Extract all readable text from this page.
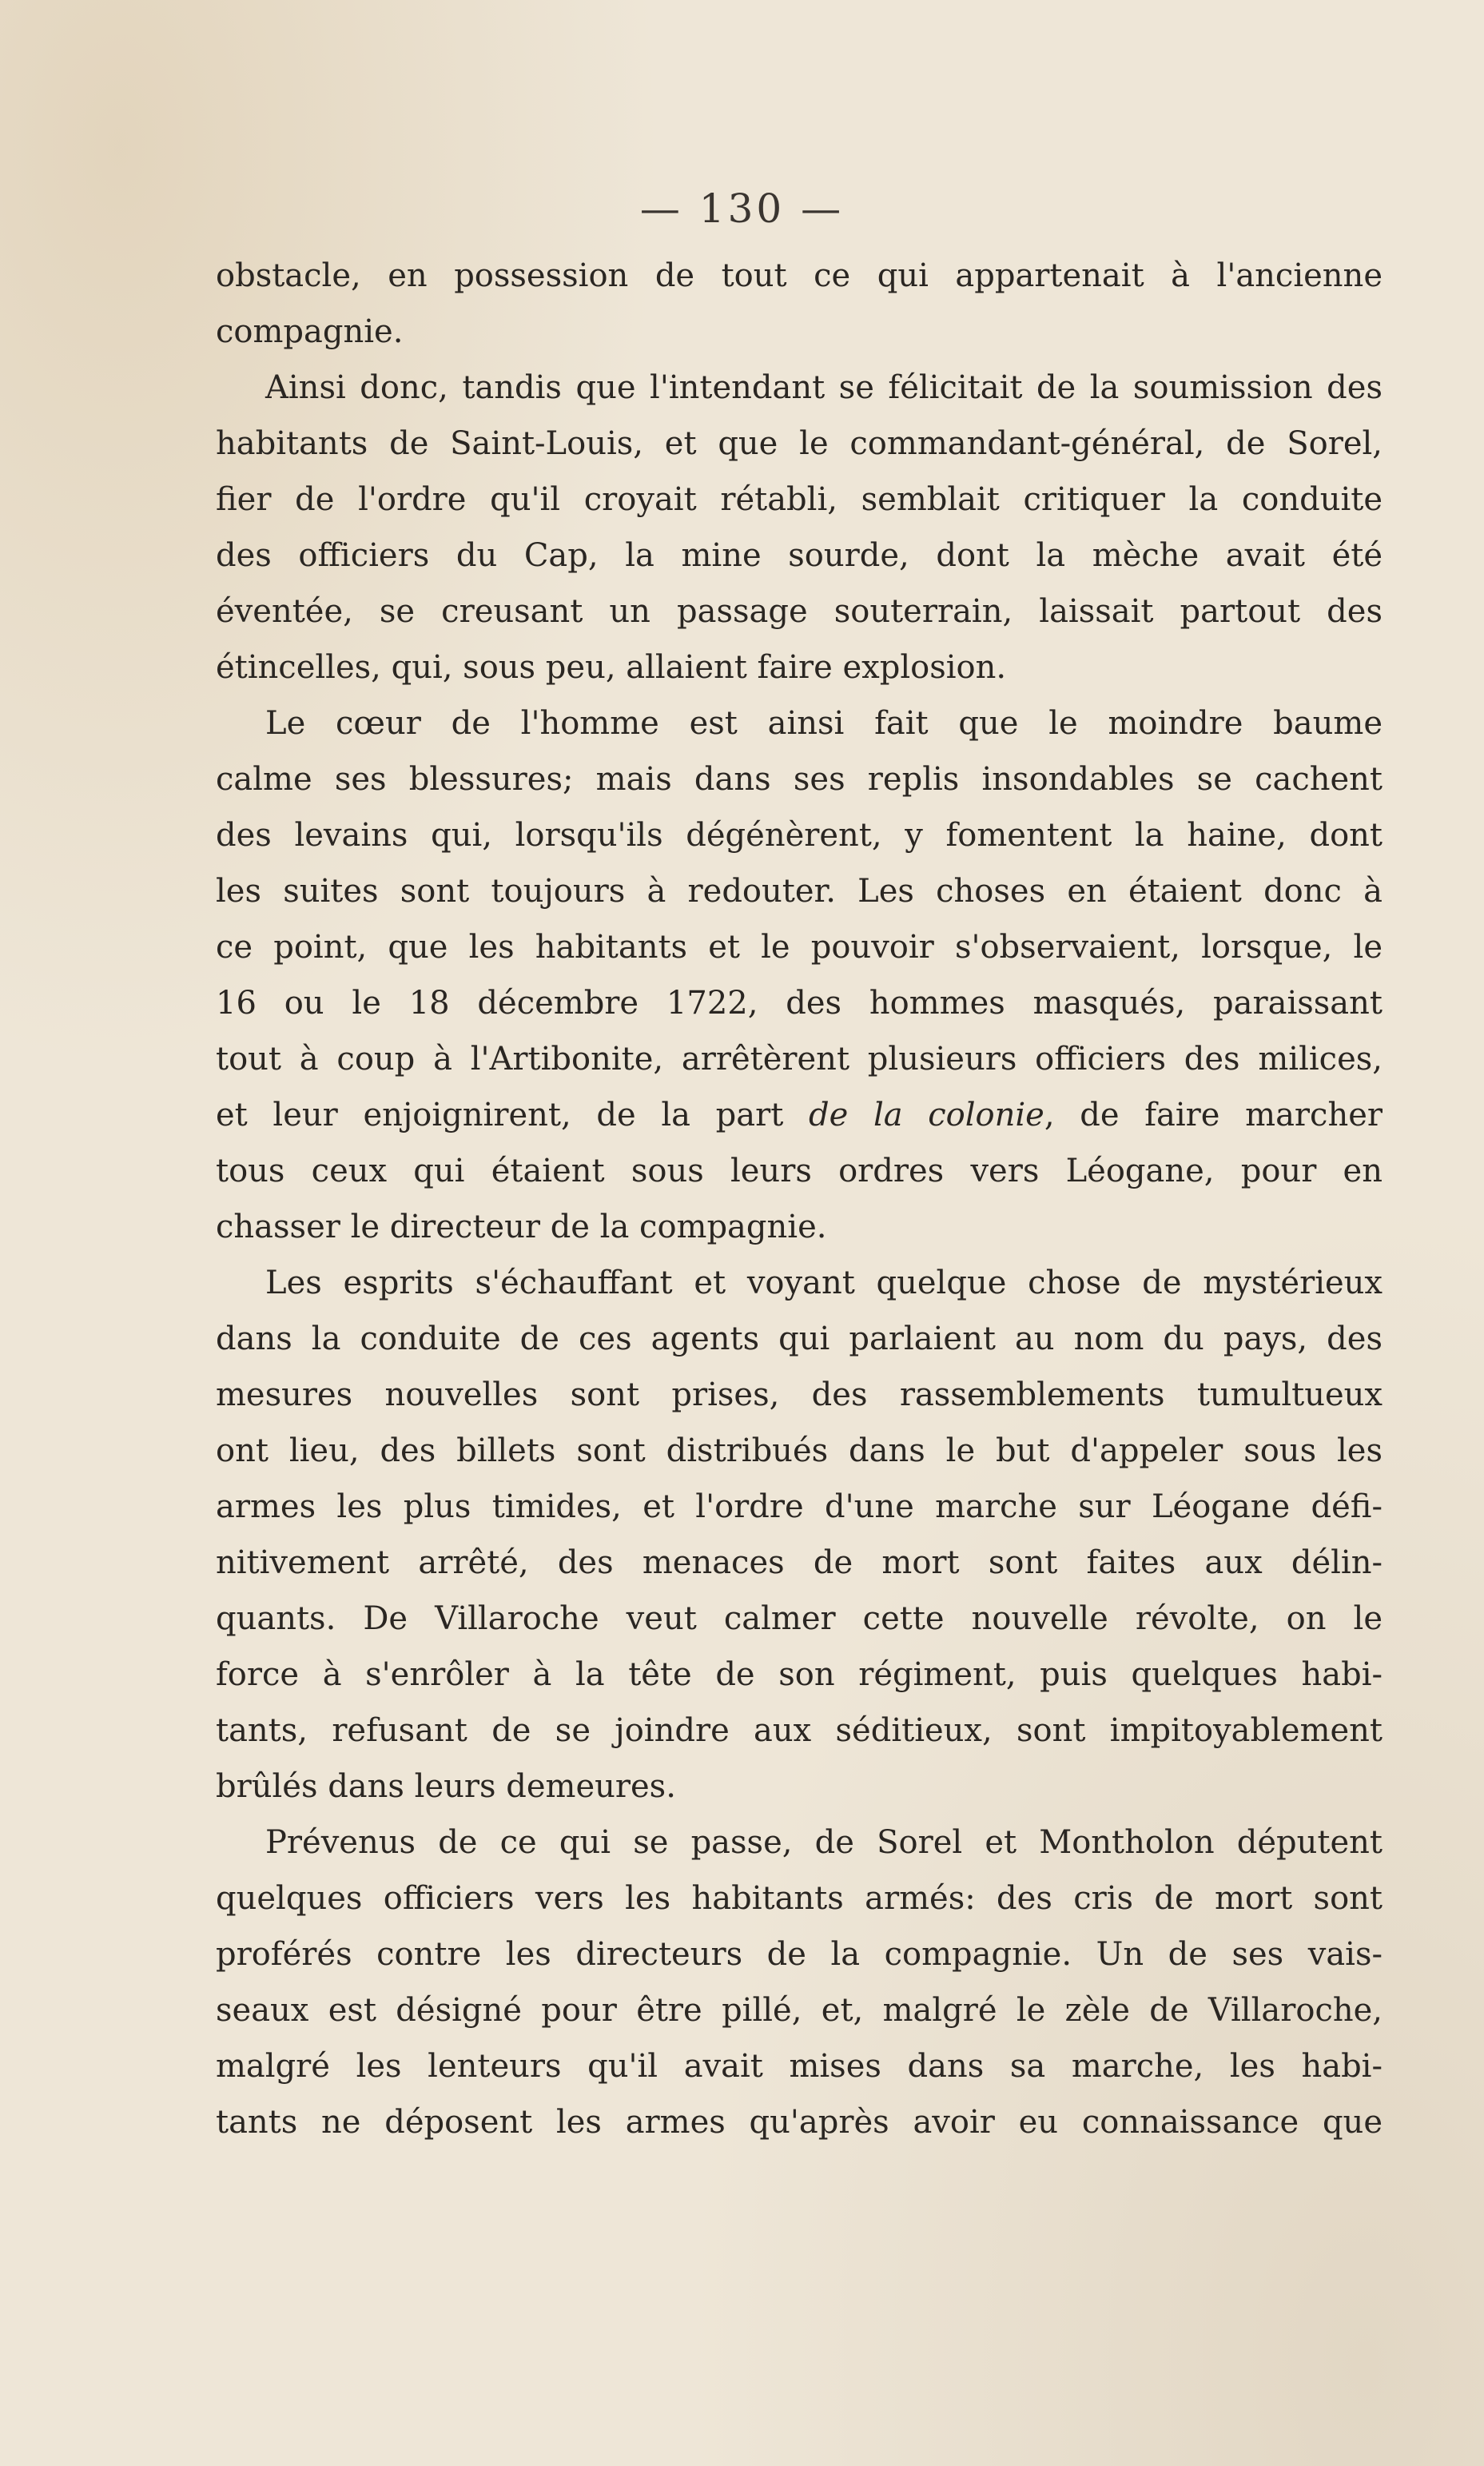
— 130 —

obstacle, en possession de tout ce qui appartenait à l'ancienne
compagnie.

Ainsi donc, tandis que l'intendant se félicitait de la soumission des
habitants de Saint-Louis, et que le commandant-général, de Sorel,
fier de l'ordre qu'il croyait rétabli, semblait critiquer la conduite
des officiers du Cap, la mine sourde, dont la mèche avait été
éventée, se creusant un passage souterrain, laissait partout des
étincelles, qui, sous peu, allaient faire explosion.

Le cœur de l'homme est ainsi fait que le moindre baume
calme ses blessures; mais dans ses replis insondables se cachent
des levains qui, lorsqu'ils dégénèrent, y fomentent la haine, dont
les suites sont toujours à redouter. Les choses en étaient donc à
ce point, que les habitants et le pouvoir s'observaient, lorsque, le
16 ou le 18 décembre 1722, des hommes masqués, paraissant
tout à coup à l'Artibonite, arrêtèrent plusieurs officiers des milices,
et leur enjoignirent, de la part de la colonie, de faire marcher
tous ceux qui étaient sous leurs ordres vers Léogane, pour en
chasser le directeur de la compagnie.

Les esprits s'échauffant et voyant quelque chose de mystérieux
dans la conduite de ces agents qui parlaient au nom du pays, des
mesures nouvelles sont prises, des rassemblements tumultueux
ont lieu, des billets sont distribués dans le but d'appeler sous les
armes les plus timides, et l'ordre d'une marche sur Léogane défi-
nitivement arrêté, des menaces de mort sont faites aux délin-
quants. De Villaroche veut calmer cette nouvelle révolte, on le
force à s'enrôler à la tête de son régiment, puis quelques habi-
tants, refusant de se joindre aux séditieux, sont impitoyablement
brûlés dans leurs demeures.

Prévenus de ce qui se passe, de Sorel et Montholon députent
quelques officiers vers les habitants armés: des cris de mort sont
proférés contre les directeurs de la compagnie. Un de ses vais-
seaux est désigné pour être pillé, et, malgré le zèle de Villaroche,
malgré les lenteurs qu'il avait mises dans sa marche, les habi-
tants ne déposent les armes qu'après avoir eu connaissance que
